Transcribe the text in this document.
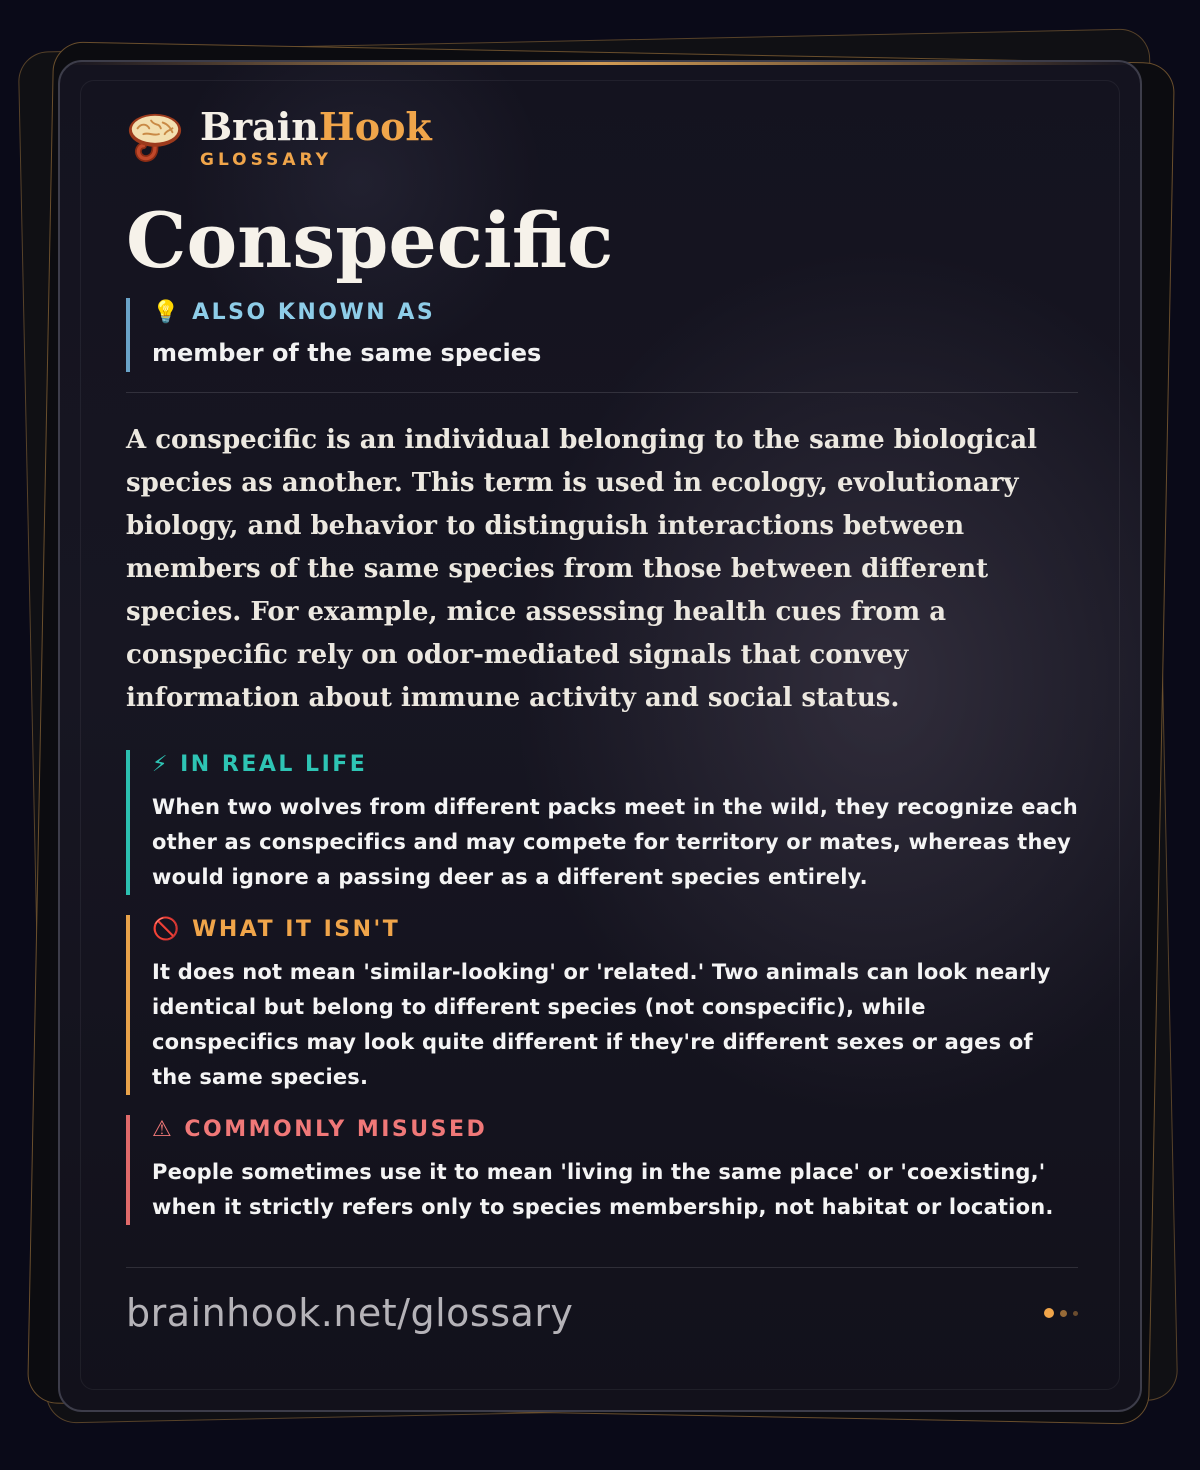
BrainHook
GLOSSARY
Conspecific
💡 ALSO KNOWN AS
member of the same species
A conspecific is an individual belonging to the same biological species as another. This term is used in ecology, evolutionary biology, and behavior to distinguish interactions between members of the same species from those between different species. For example, mice assessing health cues from a conspecific rely on odor-mediated signals that convey information about immune activity and social status.
⚡ IN REAL LIFE
When two wolves from different packs meet in the wild, they recognize each other as conspecifics and may compete for territory or mates, whereas they would ignore a passing deer as a different species entirely.
🚫 WHAT IT ISN'T
It does not mean 'similar-looking' or 'related.' Two animals can look nearly identical but belong to different species (not conspecific), while conspecifics may look quite different if they're different sexes or ages of the same species.
⚠ COMMONLY MISUSED
People sometimes use it to mean 'living in the same place' or 'coexisting,' when it strictly refers only to species membership, not habitat or location.
brainhook.net/glossary
